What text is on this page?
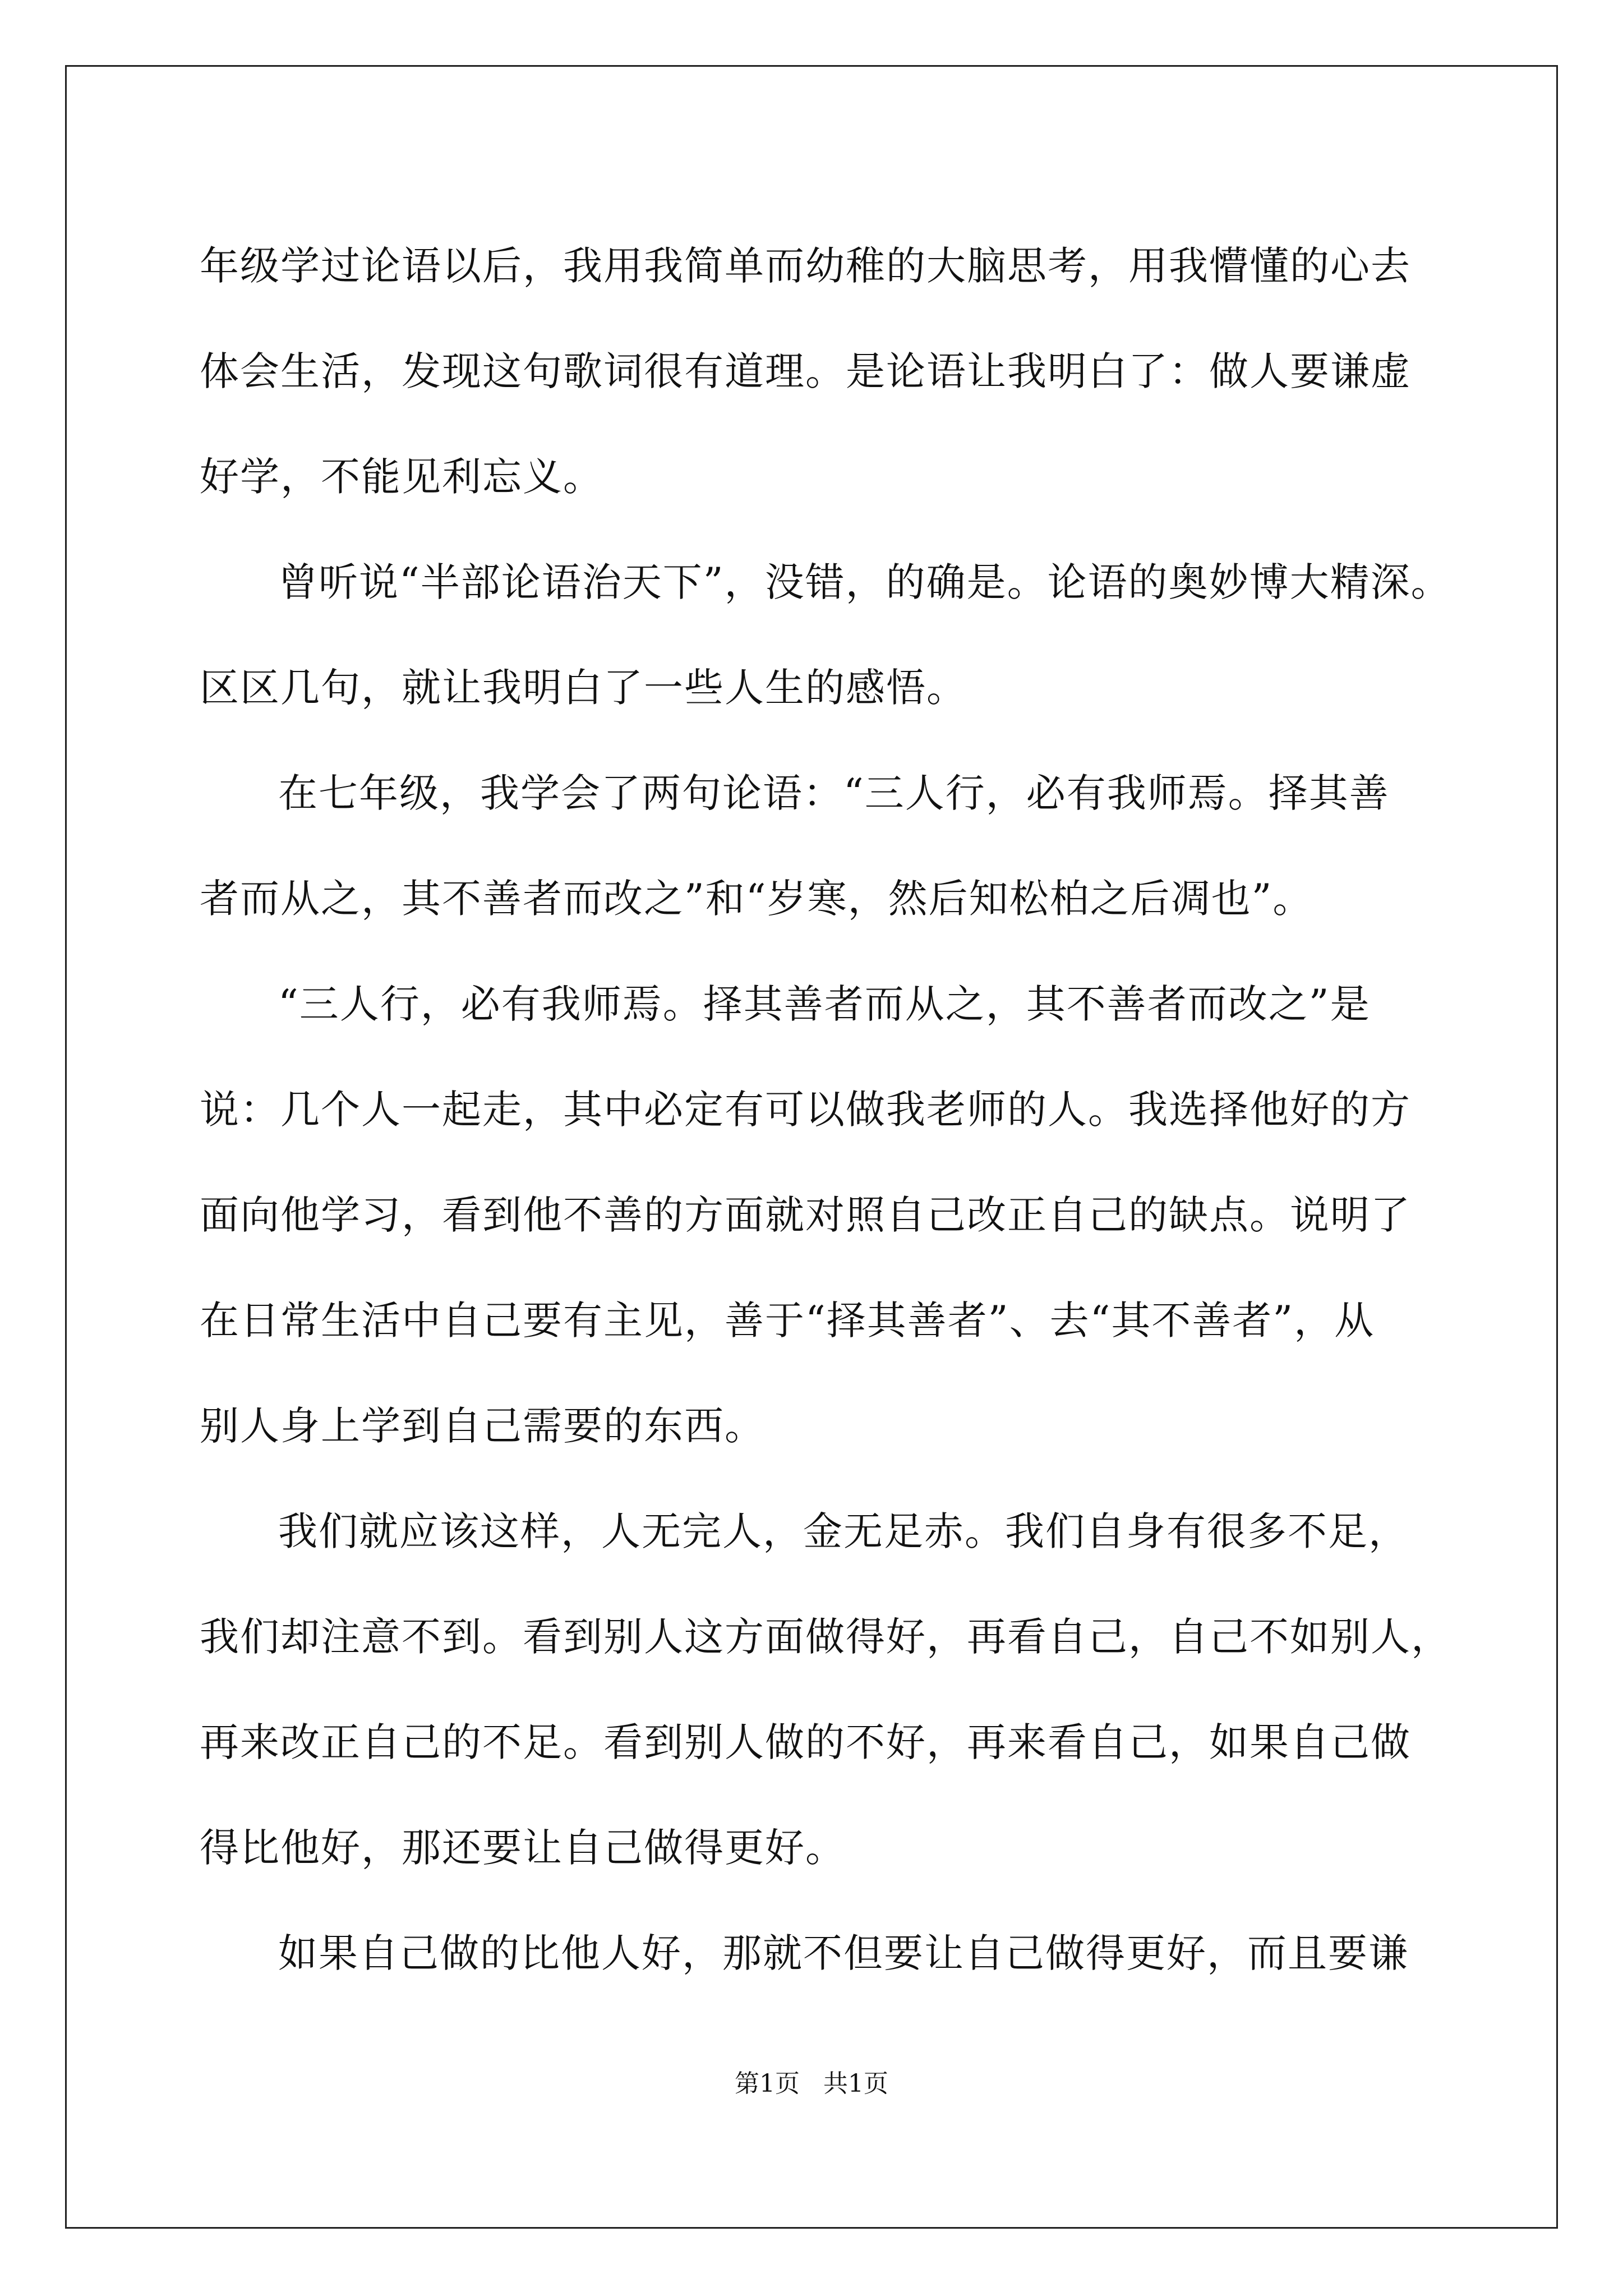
年级学过论语以后，我用我简单而幼稚的大脑思考，用我懵懂的心去
体会生活，发现这句歌词很有道理。是论语让我明白了：做人要谦虚
好学，不能见利忘义。
曾听说“半部论语治天下”，没错，的确是。论语的奥妙博大精深。
区区几句，就让我明白了一些人生的感悟。
在七年级，我学会了两句论语：“三人行，必有我师焉。择其善
者而从之，其不善者而改之”和“岁寒，然后知松柏之后凋也”。
“三人行，必有我师焉。择其善者而从之，其不善者而改之”是
说：几个人一起走，其中必定有可以做我老师的人。我选择他好的方
面向他学习，看到他不善的方面就对照自己改正自己的缺点。说明了
在日常生活中自己要有主见，善于“择其善者”、去“其不善者”，从
别人身上学到自己需要的东西。
我们就应该这样，人无完人，金无足赤。我们自身有很多不足，
我们却注意不到。看到别人这方面做得好，再看自己，自己不如别人，
再来改正自己的不足。看到别人做的不好，再来看自己，如果自己做
得比他好，那还要让自己做得更好。
如果自己做的比他人好，那就不但要让自己做得更好，而且要谦
第1页 共1页
